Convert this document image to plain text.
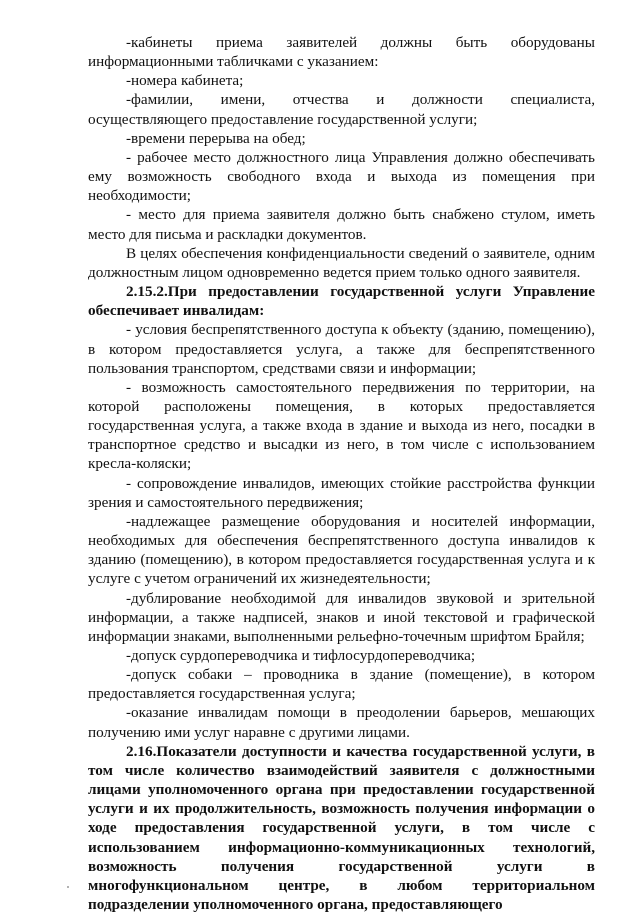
-кабинеты приема заявителей должны быть оборудованы информационными табличками с указанием:

-номера кабинета;

-фамилии, имени, отчества и должности специалиста, осуществляющего предоставление государственной услуги;

-времени перерыва на обед;

- рабочее место должностного лица Управления должно обеспечивать ему возможность свободного входа и выхода из помещения при необходимости;

- место для приема заявителя должно быть снабжено стулом, иметь место для письма и раскладки документов.

В целях обеспечения конфиденциальности сведений о заявителе, одним должностным лицом одновременно ведется прием только одного заявителя.

2.15.2.При предоставлении государственной услуги Управление обеспечивает инвалидам:

- условия беспрепятственного доступа к объекту (зданию, помещению), в котором предоставляется услуга, а также для беспрепятственного пользования транспортом, средствами связи и информации;

- возможность самостоятельного передвижения по территории, на которой расположены помещения, в которых предоставляется государственная услуга, а также входа в здание и выхода из него, посадки в транспортное средство и высадки из него, в том числе с использованием кресла-коляски;

- сопровождение инвалидов, имеющих стойкие расстройства функции зрения и самостоятельного передвижения;

-надлежащее размещение оборудования и носителей информации, необходимых для обеспечения беспрепятственного доступа инвалидов к зданию (помещению), в котором предоставляется государственная услуга и к услуге с учетом ограничений их жизнедеятельности;

-дублирование необходимой для инвалидов звуковой и зрительной информации, а также надписей, знаков и иной текстовой и графической информации знаками, выполненными рельефно-точечным шрифтом Брайля;

-допуск сурдопереводчика и тифлосурдопереводчика;

-допуск собаки – проводника в здание (помещение), в котором предоставляется государственная услуга;

-оказание инвалидам помощи в преодолении барьеров, мешающих получению ими услуг наравне с другими лицами.

2.16.Показатели доступности и качества государственной услуги, в том числе количество взаимодействий заявителя с должностными лицами уполномоченного органа при предоставлении государственной услуги и их продолжительность, возможность получения информации о ходе предоставления государственной услуги, в том числе с использованием информационно-коммуникационных технологий, возможность получения государственной услуги в многофункциональном центре, в любом территориальном подразделении уполномоченного органа, предоставляющего
